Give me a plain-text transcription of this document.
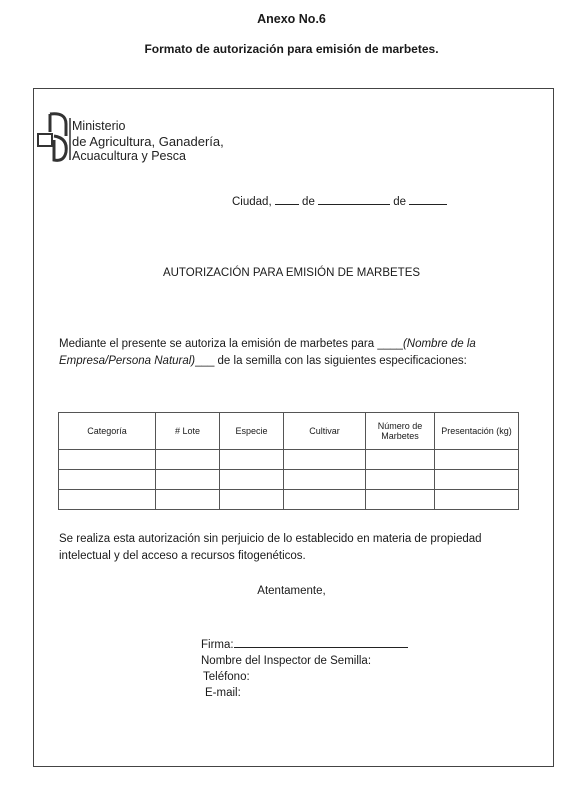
Anexo No.6
Formato de autorización para emisión de marbetes.
Ministerio
de Agricultura, Ganadería,
Acuacultura y Pesca
Ciudad,	de	de
AUTORIZACIÓN PARA EMISIÓN DE MARBETES
Mediante el presente se autoriza la emisión de marbetes para ____(Nombre de la Empresa/Persona Natural)___ de la semilla con las siguientes especificaciones:
Categoría	# Lote	Especie	Cultivar	Número de Marbetes	Presentación (kg)

Se realiza esta autorización sin perjuicio de lo establecido en materia de propiedad intelectual y del acceso a recursos fitogenéticos.
Atentamente,
Firma:
Nombre del Inspector de Semilla:
Teléfono:
E-mail:
